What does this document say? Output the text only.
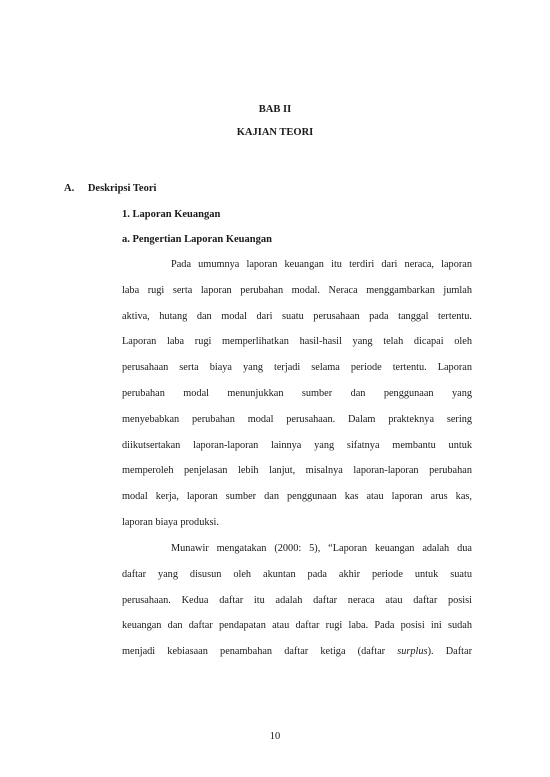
BAB II
KAJIAN TEORI
A. Deskripsi Teori
1. Laporan Keuangan
a. Pengertian Laporan Keuangan
Pada umumnya laporan keuangan itu terdiri dari neraca, laporan
laba rugi serta laporan perubahan modal. Neraca menggambarkan jumlah
aktiva, hutang dan modal dari suatu perusahaan pada tanggal tertentu.
Laporan laba rugi memperlihatkan hasil-hasil yang telah dicapai oleh
perusahaan serta biaya yang terjadi selama periode tertentu. Laporan
perubahan modal menunjukkan sumber dan penggunaan yang
menyebabkan perubahan modal perusahaan. Dalam prakteknya sering
diikutsertakan laporan-laporan lainnya yang sifatnya membantu untuk
memperoleh penjelasan lebih lanjut, misalnya laporan-laporan perubahan
modal kerja, laporan sumber dan penggunaan kas atau laporan arus kas,
laporan biaya produksi.
Munawir mengatakan (2000: 5), “Laporan keuangan adalah dua
daftar yang disusun oleh akuntan pada akhir periode untuk suatu
perusahaan. Kedua daftar itu adalah daftar neraca atau daftar posisi
keuangan dan daftar pendapatan atau daftar rugi laba. Pada posisi ini sudah
menjadi kebiasaan penambahan daftar ketiga (daftar surplus). Daftar
10
